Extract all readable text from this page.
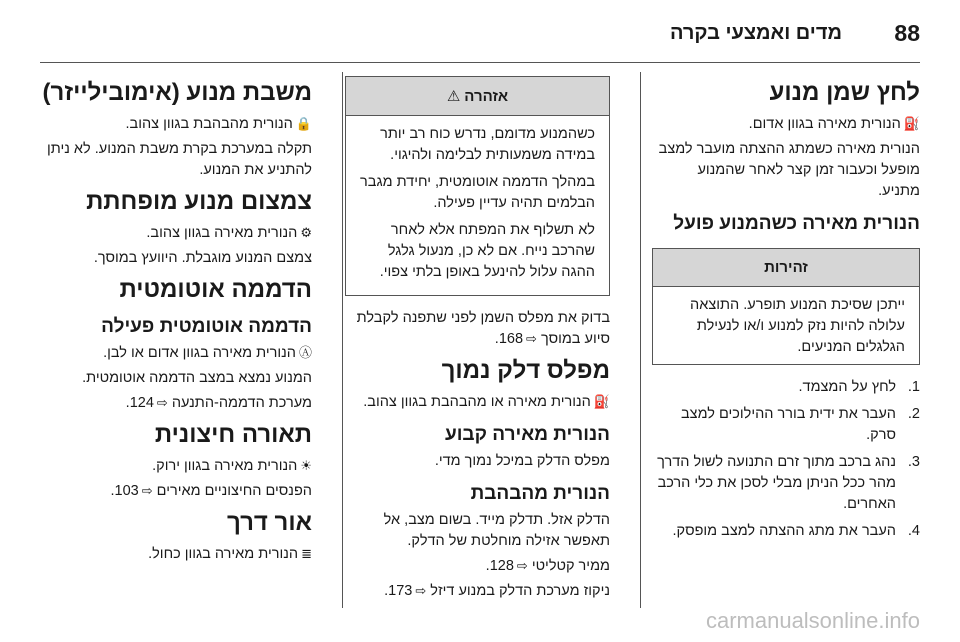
88
מדים ואמצעי בקרה
לחץ שמן מנוע

⛽הנורית מאירה בגוון אדום.

הנורית מאירה כשמתג ההצתה מועבר למצב מופעל וכעבור זמן קצר לאחר שהמנוע מתניע.

הנורית מאירה כשהמנוע פועל
זהירות
ייתכן שסיכת המנוע תופרע. התוצאה עלולה להיות נזק למנוע ו/או לנעילת הגלגלים המניעים.
1.
לחץ על המצמד.
2.
העבר את ידית בורר ההילוכים למצב סרק.
3.
נהג ברכב מתוך זרם התנועה לשול הדרך מהר ככל הניתן מבלי לסכן את כלי הרכב האחרים.
4.
העבר את מתג ההצתה למצב מופסק.
אזהרה⚠

כשהמנוע מדומם, נדרש כוח רב יותר במידה משמעותית לבלימה ולהיגוי.

במהלך הדממה אוטומטית, יחידת מגבר הבלמים תהיה עדיין פעילה.

לא תשלוף את המפתח אלא לאחר שהרכב נייח. אם לא כן, מנעול גלגל ההגה עלול להינעל באופן בלתי צפוי.

בדוק את מפלס השמן לפני שתפנה לקבלת סיוע במוסך ⇨168.

מפלס דלק נמוך

⛽הנורית מאירה או מהבהבת בגוון צהוב.

הנורית מאירה קבוע

מפלס הדלק במיכל נמוך מדי.

הנורית מהבהבת

הדלק אזל. תדלק מייד. בשום מצב, אל תאפשר אזילה מוחלטת של הדלק.

ממיר קטליטי ⇨128.

ניקוז מערכת הדלק במנוע דיזל ⇨173.

משבת מנוע (אימובילייזר)

🔒הנורית מהבהבת בגוון צהוב.

תקלה במערכת בקרת משבת המנוע. לא ניתן להתניע את המנוע.

צמצום מנוע מופחתת

⚙הנורית מאירה בגוון צהוב.

צמצם המנוע מוגבלת. היוועץ במוסך.

הדממה אוטומטית
הדממה אוטומטית פעילה

Ⓐהנורית מאירה בגוון אדום או לבן.

המנוע נמצא במצב הדממה אוטומטית.

מערכת הדממה-התנעה ⇨124.

תאורה חיצונית

☀הנורית מאירה בגוון ירוק.

הפנסים החיצוניים מאירים ⇨103.

אור דרך

≣הנורית מאירה בגוון כחול.

carmanualsonline.info
